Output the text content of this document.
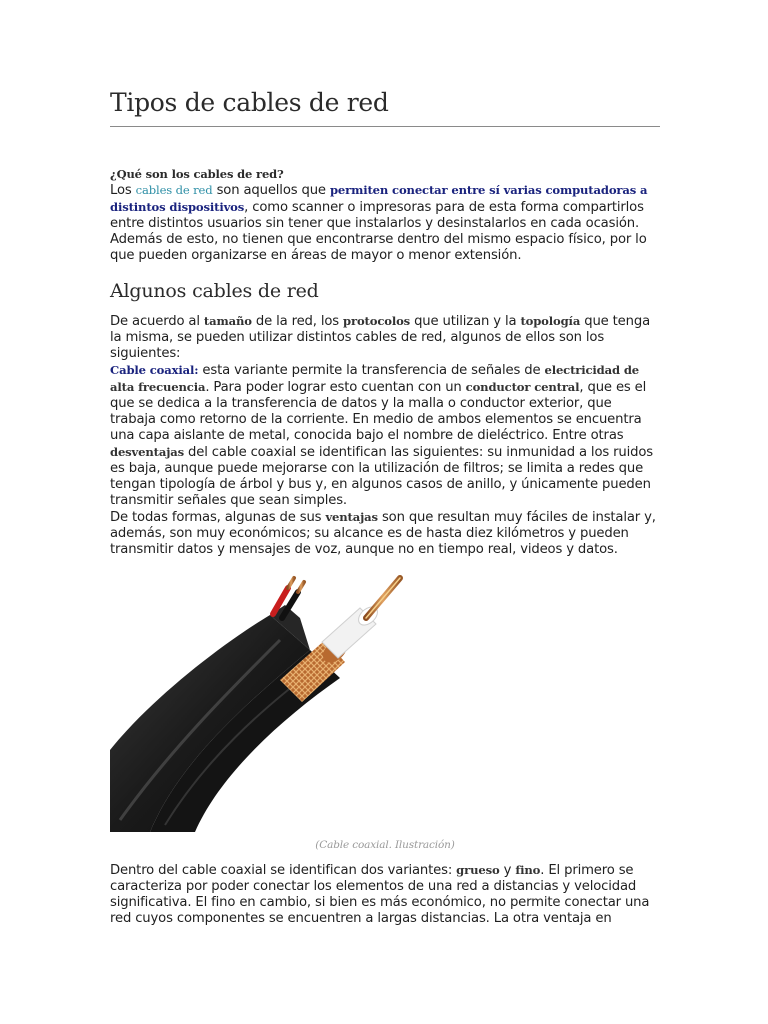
Tipos de cables de red

¿Qué son los cables de red?

Los cables de red son aquellos que permiten conectar entre sí varias computadoras a distintos dispositivos, como scanner o impresoras para de esta forma compartirlos entre distintos usuarios sin tener que instalarlos y desinstalarlos en cada ocasión. Además de esto, no tienen que encontrarse dentro del mismo espacio físico, por lo que pueden organizarse en áreas de mayor o menor extensión.

Algunos cables de red

De acuerdo al tamaño de la red, los protocolos que utilizan y la topología que tenga la misma, se pueden utilizar distintos cables de red, algunos de ellos son los siguientes:

Cable coaxial: esta variante permite la transferencia de señales de electricidad de alta frecuencia. Para poder lograr esto cuentan con un conductor central, que es el que se dedica a la transferencia de datos y la malla o conductor exterior, que trabaja como retorno de la corriente. En medio de ambos elementos se encuentra una capa aislante de metal, conocida bajo el nombre de dieléctrico. Entre otras desventajas del cable coaxial se identifican las siguientes: su inmunidad a los ruidos es baja, aunque puede mejorarse con la utilización de filtros; se limita a redes que tengan tipología de árbol y bus y, en algunos casos de anillo, y únicamente pueden transmitir señales que sean simples.

De todas formas, algunas de sus ventajas son que resultan muy fáciles de instalar y, además, son muy económicos; su alcance es de hasta diez kilómetros y pueden transmitir datos y mensajes de voz, aunque no en tiempo real, videos y datos.

(Cable coaxial. Ilustración)

Dentro del cable coaxial se identifican dos variantes: grueso y fino. El primero se caracteriza por poder conectar los elementos de una red a distancias y velocidad significativa. El fino en cambio, si bien es más económico, no permite conectar una red cuyos componentes se encuentren a largas distancias. La otra ventaja en
